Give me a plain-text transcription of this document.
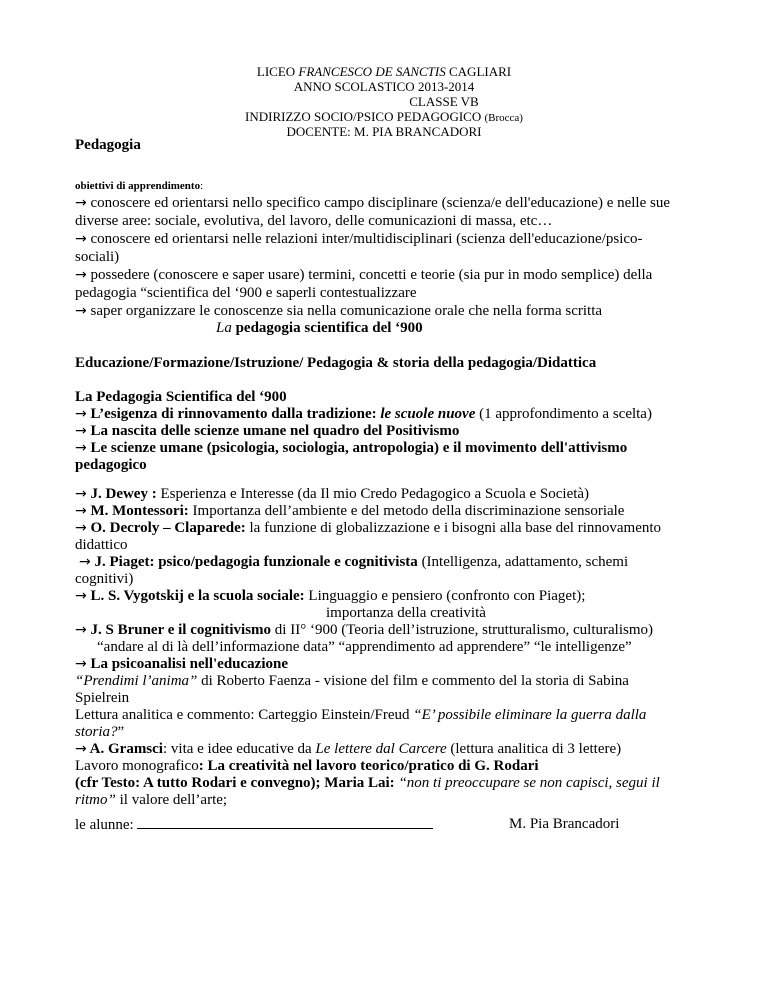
LICEO FRANCESCO DE SANCTIS CAGLIARI
ANNO SCOLASTICO 2013-2014
CLASSE VB
INDIRIZZO SOCIO/PSICO PEDAGOGICO (Brocca)
DOCENTE: M. PIA BRANCADORI
Pedagogia
obiettivi di apprendimento:
→ conoscere ed orientarsi nello specifico campo disciplinare (scienza/e dell'educazione) e nelle sue
diverse aree: sociale, evolutiva, del lavoro, delle comunicazioni di massa, etc…
→ conoscere ed orientarsi nelle relazioni inter/multidisciplinari (scienza dell'educazione/psico-
sociali)
→ possedere (conoscere e saper usare) termini, concetti e teorie (sia pur in modo semplice) della
pedagogia “scientifica del ‘900 e saperli contestualizzare
→ saper organizzare le conoscenze sia nella comunicazione orale che nella forma scritta
La pedagogia scientifica del ‘900
Educazione/Formazione/Istruzione/ Pedagogia & storia della pedagogia/Didattica
La Pedagogia Scientifica del ‘900
→ L’esigenza di rinnovamento dalla tradizione: le scuole nuove (1 approfondimento a scelta)
→ La nascita delle scienze umane nel quadro del Positivismo
→ Le scienze umane (psicologia, sociologia, antropologia) e il movimento dell'attivismo
pedagogico
→ J. Dewey : Esperienza e Interesse (da Il mio Credo Pedagogico a Scuola e Società)
→ M. Montessori: Importanza dell’ambiente e del metodo della discriminazione sensoriale
→ O. Decroly – Claparede: la funzione di globalizzazione e i bisogni alla base del rinnovamento
didattico
→ J. Piaget: psico/pedagogia funzionale e cognitivista (Intelligenza, adattamento, schemi
cognitivi)
→ L. S. Vygotskij e la scuola sociale: Linguaggio e pensiero (confronto con Piaget);
importanza della creatività
→ J. S Bruner e il cognitivismo di II° ‘900 (Teoria dell’istruzione, strutturalismo, culturalismo)
“andare al di là dell’informazione data” “apprendimento ad apprendere” “le intelligenze”
→ La psicoanalisi nell'educazione
“Prendimi l’anima” di Roberto Faenza - visione del film e commento del la storia di Sabina
Spielrein
Lettura analitica e commento: Carteggio Einstein/Freud “E’ possibile eliminare la guerra dalla
storia?”
→ A. Gramsci: vita e idee educative da Le lettere dal Carcere (lettura analitica di 3 lettere)
Lavoro monografico: La creatività nel lavoro teorico/pratico di G. Rodari
(cfr Testo: A tutto Rodari e convegno); Maria Lai: “non ti preoccupare se non capisci, segui il
ritmo” il valore dell’arte;
le alunne:	M. Pia Brancadori
